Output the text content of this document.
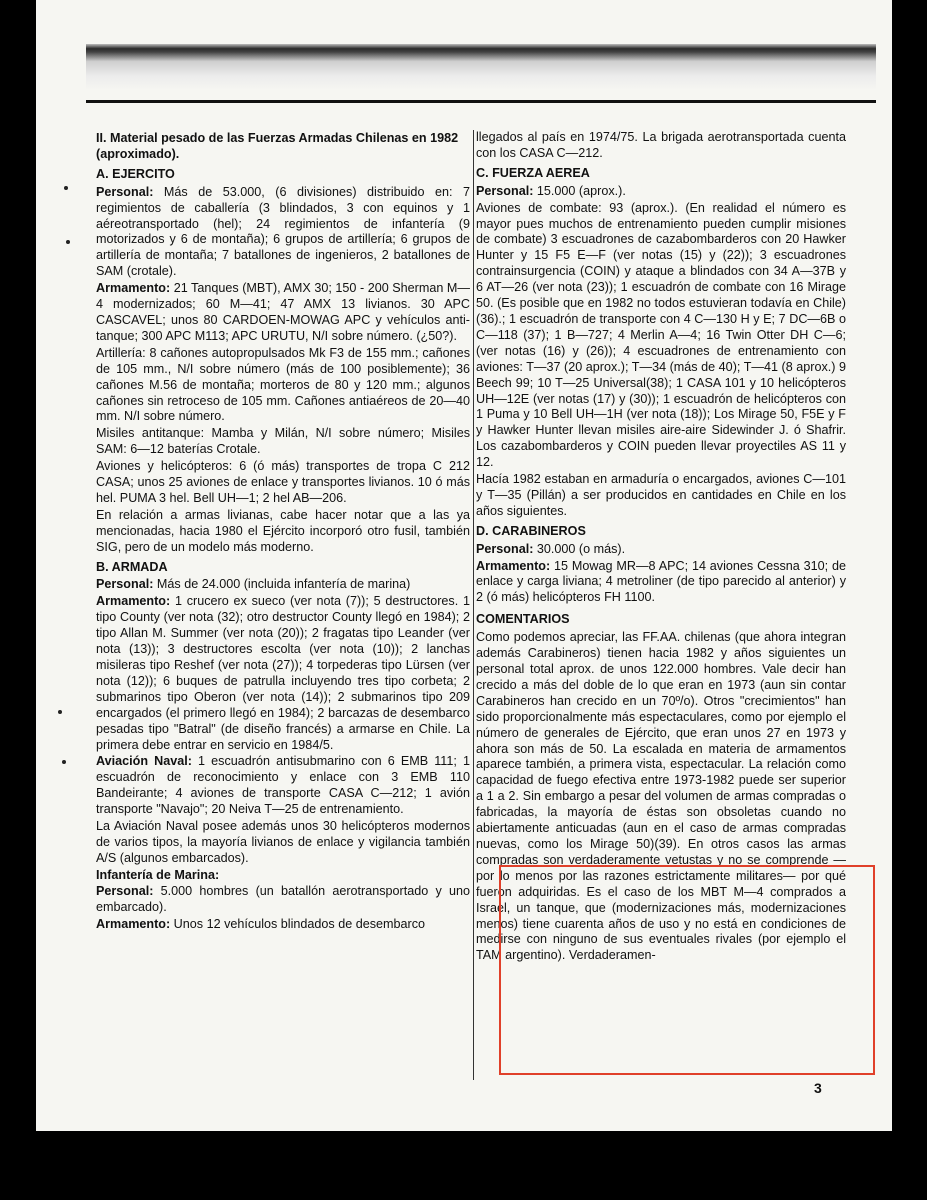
II. Material pesado de las Fuerzas Armadas Chilenas en 1982 (aproximado).
A. EJERCITO

Personal: Más de 53.000, (6 divisiones) distribuido en: 7 regimientos de caballería (3 blindados, 3 con equinos y 1 aéreotransportado (hel); 24 regimientos de infantería (9 motorizados y 6 de montaña); 6 grupos de artillería; 6 grupos de artillería de montaña; 7 batallones de ingenieros, 2 batallones de SAM (crotale).

Armamento: 21 Tanques (MBT), AMX 30; 150 - 200 Sherman M—4 modernizados; 60 M—41; 47 AMX 13 livianos. 30 APC CASCAVEL; unos 80 CARDOEN-MOWAG APC y vehículos anti-tanque; 300 APC M113; APC URUTU, N/I sobre número. (¿50?).

Artillería: 8 cañones autopropulsados Mk F3 de 155 mm.; cañones de 105 mm., N/I sobre número (más de 100 posiblemente); 36 cañones M.56 de montaña; morteros de 80 y 120 mm.; algunos cañones sin retroceso de 105 mm. Cañones antiaéreos de 20—40 mm. N/I sobre número.

Misiles antitanque: Mamba y Milán, N/I sobre número; Misiles SAM: 6—12 baterías Crotale.

Aviones y helicópteros: 6 (ó más) transportes de tropa C 212 CASA; unos 25 aviones de enlace y transportes livianos. 10 ó más hel. PUMA 3 hel. Bell UH—1; 2 hel AB—206.

En relación a armas livianas, cabe hacer notar que a las ya mencionadas, hacia 1980 el Ejército incorporó otro fusil, también SIG, pero de un modelo más moderno.

B. ARMADA

Personal: Más de 24.000 (incluida infantería de marina)

Armamento: 1 crucero ex sueco (ver nota (7)); 5 destructores. 1 tipo County (ver nota (32); otro destructor County llegó en 1984); 2 tipo Allan M. Summer (ver nota (20)); 2 fragatas tipo Leander (ver nota (13)); 3 destructores escolta (ver nota (10)); 2 lanchas misileras tipo Reshef (ver nota (27)); 4 torpederas tipo Lürsen (ver nota (12)); 6 buques de patrulla incluyendo tres tipo corbeta; 2 submarinos tipo Oberon (ver nota (14)); 2 submarinos tipo 209 encargados (el primero llegó en 1984); 2 barcazas de desembarco pesadas tipo "Batral" (de diseño francés) a armarse en Chile. La primera debe entrar en servicio en 1984/5.

Aviación Naval: 1 escuadrón antisubmarino con 6 EMB 111; 1 escuadrón de reconocimiento y enlace con 3 EMB 110 Bandeirante; 4 aviones de transporte CASA C—212; 1 avión transporte "Navajo"; 20 Neiva T—25 de entrenamiento.

La Aviación Naval posee además unos 30 helicópteros modernos de varios tipos, la mayoría livianos de enlace y vigilancia también A/S (algunos embarcados).

Infantería de Marina:

Personal: 5.000 hombres (un batallón aerotransportado y uno embarcado).

Armamento: Unos 12 vehículos blindados de desembarco

llegados al país en 1974/75. La brigada aerotransportada cuenta con los CASA C—212.

C. FUERZA AEREA

Personal: 15.000 (aprox.).

Aviones de combate: 93 (aprox.). (En realidad el número es mayor pues muchos de entrenamiento pueden cumplir misiones de combate) 3 escuadrones de cazabombarderos con 20 Hawker Hunter y 15 F5 E—F (ver notas (15) y (22)); 3 escuadrones contrainsurgencia (COIN) y ataque a blindados con 34 A—37B y 6 AT—26 (ver nota (23)); 1 escuadrón de combate con 16 Mirage 50. (Es posible que en 1982 no todos estuvieran todavía en Chile) (36).; 1 escuadrón de transporte con 4 C—130 H y E; 7 DC—6B o C—118 (37); 1 B—727; 4 Merlin A—4; 16 Twin Otter DH C—6; (ver notas (16) y (26)); 4 escuadrones de entrenamiento con aviones: T—37 (20 aprox.); T—34 (más de 40); T—41 (8 aprox.) 9 Beech 99; 10 T—25 Universal(38); 1 CASA 101 y 10 helicópteros UH—12E (ver notas (17) y (30)); 1 escuadrón de helicópteros con 1 Puma y 10 Bell UH—1H (ver nota (18)); Los Mirage 50, F5E y F y Hawker Hunter llevan misiles aire-aire Sidewinder J. ó Shafrir. Los cazabombarderos y COIN pueden llevar proyectiles AS 11 y 12.

Hacía 1982 estaban en armaduría o encargados, aviones C—101 y T—35 (Pillán) a ser producidos en cantidades en Chile en los años siguientes.

D. CARABINEROS

Personal: 30.000 (o más).

Armamento: 15 Mowag MR—8 APC; 14 aviones Cessna 310; de enlace y carga liviana; 4 metroliner (de tipo parecido al anterior) y 2 (ó más) helicópteros FH 1100.

COMENTARIOS

Como podemos apreciar, las FF.AA. chilenas (que ahora integran además Carabineros) tienen hacia 1982 y años siguientes un personal total aprox. de unos 122.000 hombres. Vale decir han crecido a más del doble de lo que eran en 1973 (aun sin contar Carabineros han crecido en un 70º/o). Otros "crecimientos" han sido proporcionalmente más espectaculares, como por ejemplo el número de generales de Ejército, que eran unos 27 en 1973 y ahora son más de 50. La escalada en materia de armamentos aparece también, a primera vista, espectacular. La relación como capacidad de fuego efectiva entre 1973-1982 puede ser superior a 1 a 2. Sin embargo a pesar del volumen de armas compradas o fabricadas, la mayoría de éstas son obsoletas cuando no abiertamente anticuadas (aun en el caso de armas compradas nuevas, como los Mirage 50)(39). En otros casos las armas compradas son verdaderamente vetustas y no se comprende —por lo menos por las razones estrictamente militares— por qué fueron adquiridas. Es el caso de los MBT M—4 comprados a Israel, un tanque, que (modernizaciones más, modernizaciones menos) tiene cuarenta años de uso y no está en condiciones de medirse con ninguno de sus eventuales rivales (por ejemplo el TAM argentino). Verdaderamen-

3
